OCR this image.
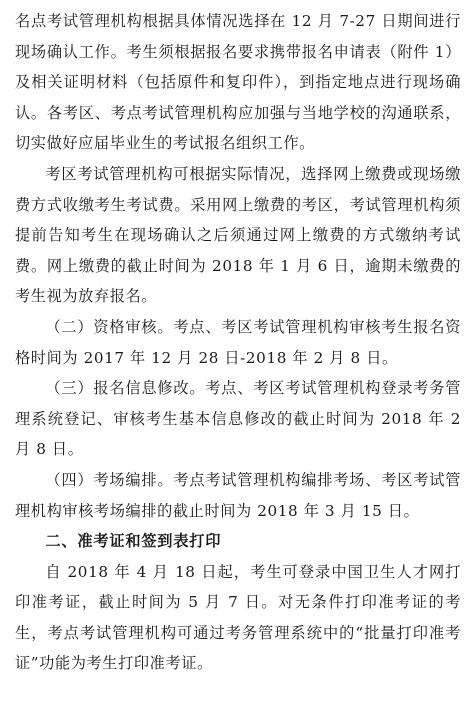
名点考试管理机构根据具体情况选择在 12 月 7-27 日期间进行现场确认工作。考生须根据报名要求携带报名申请表（附件 1）及相关证明材料（包括原件和复印件），到指定地点进行现场确认。各考区、考点考试管理机构应加强与当地学校的沟通联系，切实做好应届毕业生的考试报名组织工作。

考区考试管理机构可根据实际情况，选择网上缴费或现场缴费方式收缴考生考试费。采用网上缴费的考区，考试管理机构须提前告知考生在现场确认之后须通过网上缴费的方式缴纳考试费。网上缴费的截止时间为 2018 年 1 月 6 日，逾期未缴费的考生视为放弃报名。

（二）资格审核。考点、考区考试管理机构审核考生报名资格时间为 2017 年 12 月 28 日-2018 年 2 月 8 日。

（三）报名信息修改。考点、考区考试管理机构登录考务管理系统登记、审核考生基本信息修改的截止时间为 2018 年 2 月 8 日。

（四）考场编排。考点考试管理机构编排考场、考区考试管理机构审核考场编排的截止时间为 2018 年 3 月 15 日。

二、准考证和签到表打印

自 2018 年 4 月 18 日起，考生可登录中国卫生人才网打印准考证，截止时间为 5 月 7 日。对无条件打印准考证的考生，考点考试管理机构可通过考务管理系统中的“批量打印准考证”功能为考生打印准考证。
